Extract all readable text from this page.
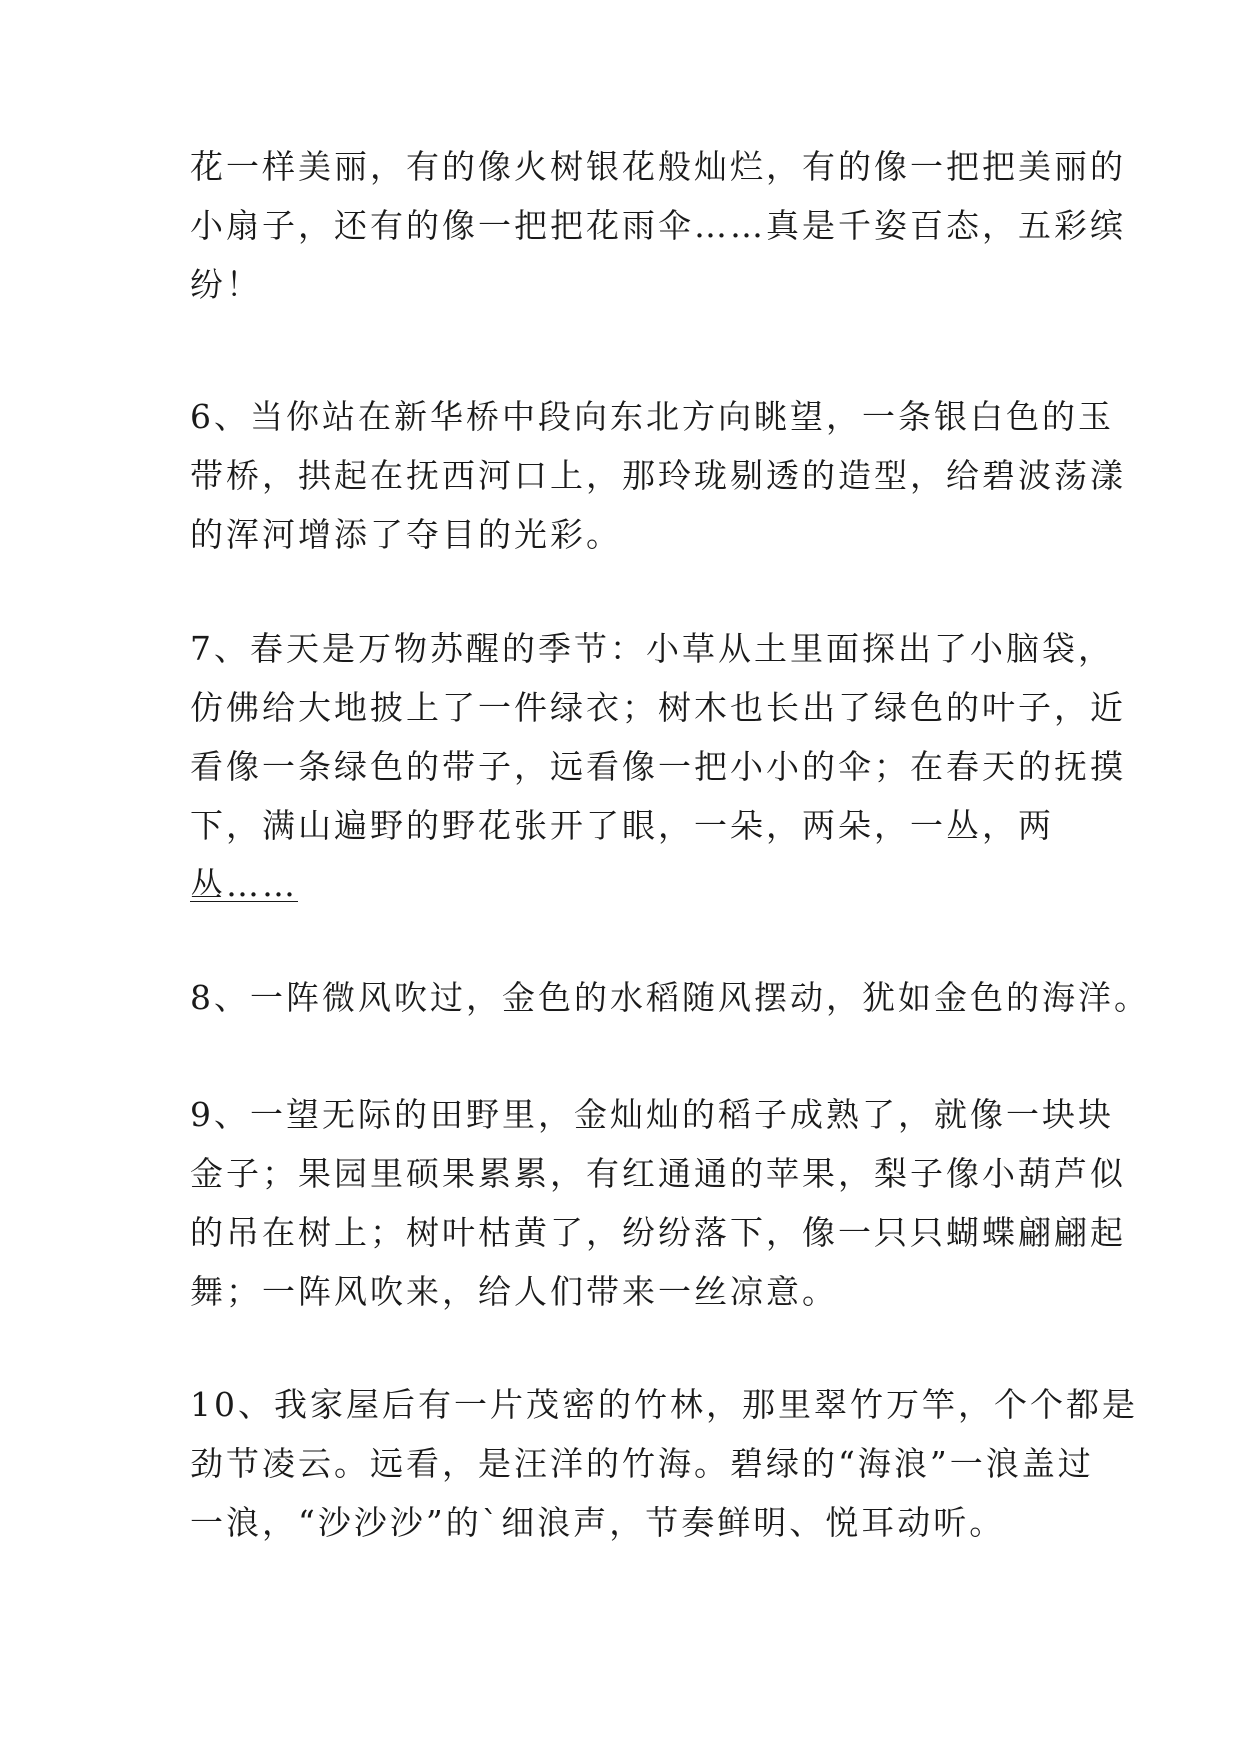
花一样美丽，有的像火树银花般灿烂，有的像一把把美丽的
小扇子，还有的像一把把花雨伞……真是千姿百态，五彩缤
纷！
6、当你站在新华桥中段向东北方向眺望，一条银白色的玉
带桥，拱起在抚西河口上，那玲珑剔透的造型，给碧波荡漾
的浑河增添了夺目的光彩。
7、春天是万物苏醒的季节：小草从土里面探出了小脑袋，
仿佛给大地披上了一件绿衣；树木也长出了绿色的叶子，近
看像一条绿色的带子，远看像一把小小的伞；在春天的抚摸
下，满山遍野的野花张开了眼，一朵，两朵，一丛，两
丛……
8、一阵微风吹过，金色的水稻随风摆动，犹如金色的海洋。
9、一望无际的田野里，金灿灿的稻子成熟了，就像一块块
金子；果园里硕果累累，有红通通的苹果，梨子像小葫芦似
的吊在树上；树叶枯黄了，纷纷落下，像一只只蝴蝶翩翩起
舞；一阵风吹来，给人们带来一丝凉意。
10、我家屋后有一片茂密的竹林，那里翠竹万竿，个个都是
劲节凌云。远看，是汪洋的竹海。碧绿的“海浪”一浪盖过
一浪，“沙沙沙”的`细浪声，节奏鲜明、悦耳动听。
